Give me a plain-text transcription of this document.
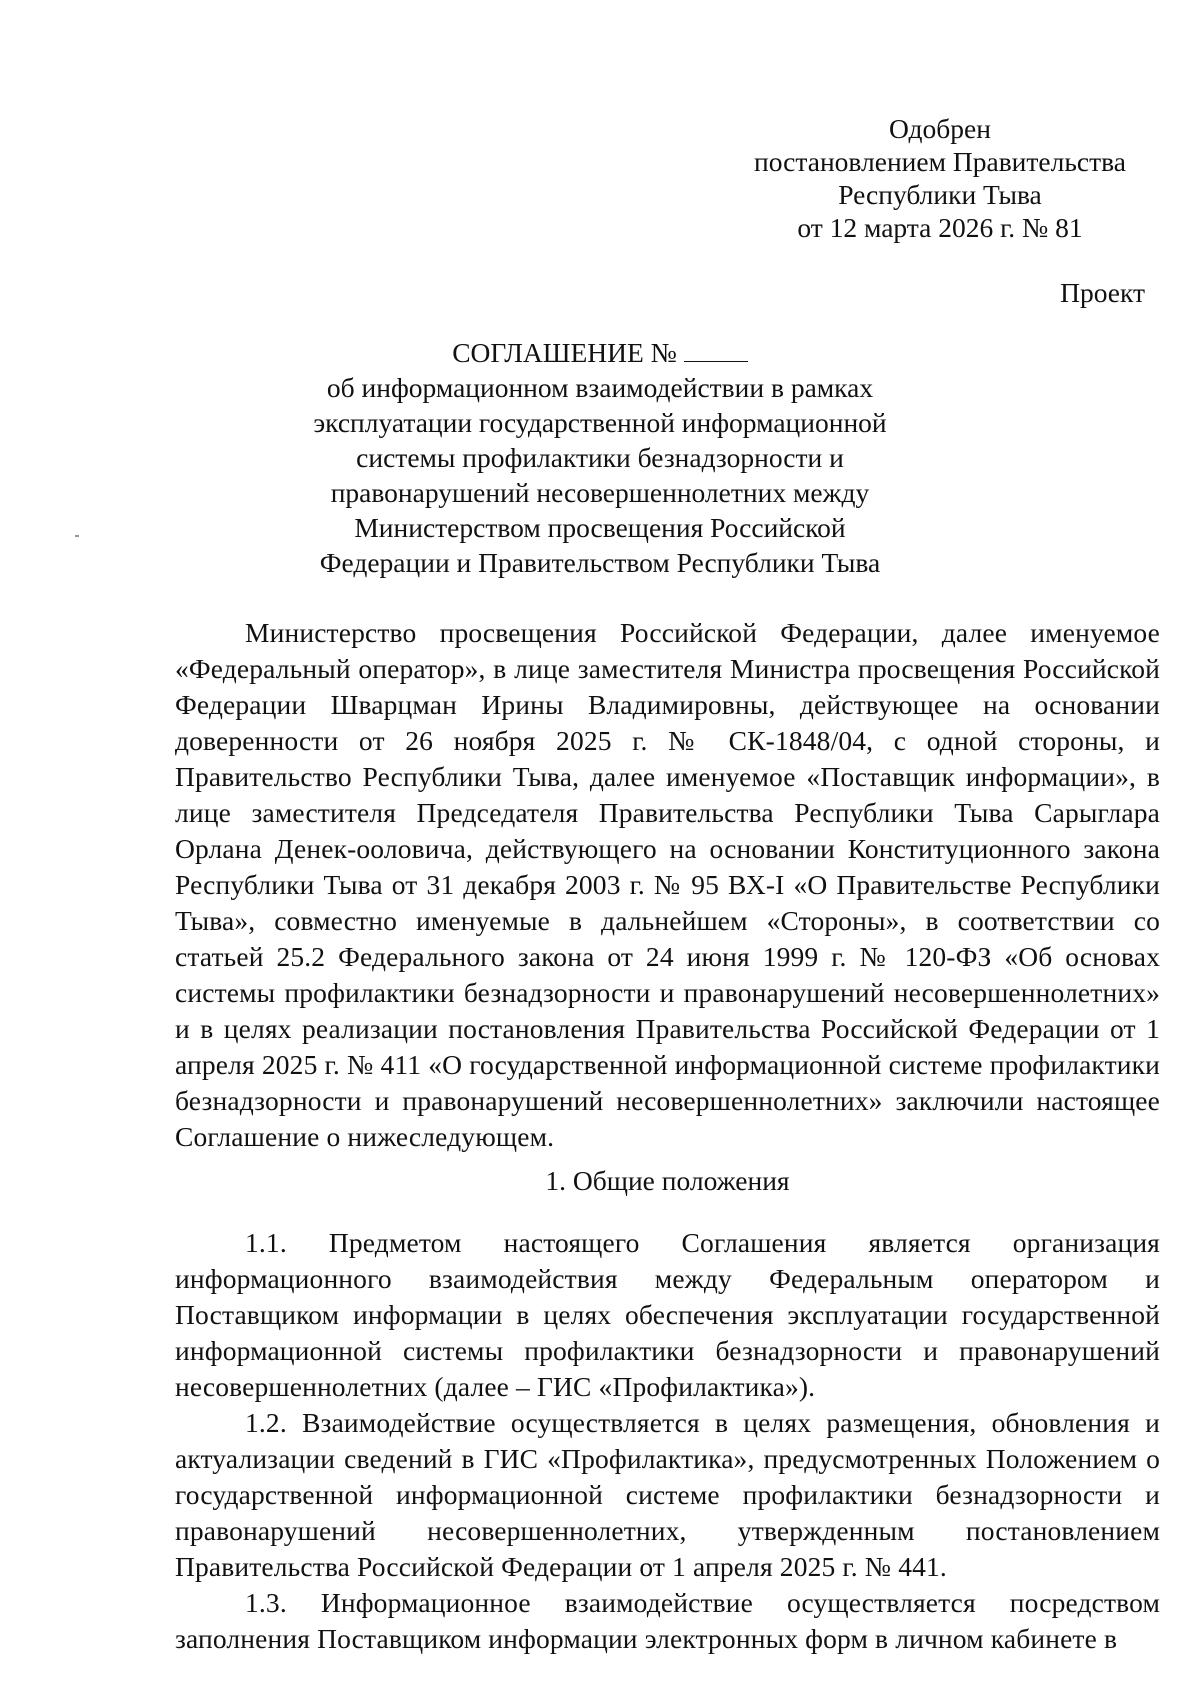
Одобрен
постановлением Правительства
Республики Тыва
от 12 марта 2026 г. № 81
Проект
СОГЛАШЕНИЕ №
об информационном взаимодействии в рамках
эксплуатации государственной информационной
системы профилактики безнадзорности и
правонарушений несовершеннолетних между
Министерством просвещения Российской
Федерации и Правительством Республики Тыва

Министерство просвещения Российской Федерации, далее именуемое «Федеральный оператор», в лице заместителя Министра просвещения Российской Федерации Шварцман Ирины Владимировны, действующее на основании доверенности от 26 ноября 2025 г. № СК-1848/04, с одной стороны, и Правительство Республики Тыва, далее именуемое «Поставщик информации», в лице заместителя Председателя Правительства Республики Тыва Сарыглара Орлана Денек-ооловича, действующего на основании Конституционного закона Республики Тыва от 31 декабря 2003 г. № 95 ВХ-I «О Правительстве Республики Тыва», совместно именуемые в дальнейшем «Стороны», в соответствии со статьей 25.2 Федерального закона от 24 июня 1999 г. № 120-ФЗ «Об основах системы профилактики безнадзорности и правонарушений несовершеннолетних» и в целях реализации постановления Правительства Российской Федерации от 1 апреля 2025 г. № 411 «О государственной информационной системе профилактики безнадзорности и правонарушений несовершеннолетних» заключили настоящее Соглашение о нижеследующем.

1. Общие положения

1.1. Предметом настоящего Соглашения является организация информационного взаимодействия между Федеральным оператором и Поставщиком информации в целях обеспечения эксплуатации государственной информационной системы профилактики безнадзорности и правонарушений несовершеннолетних (далее – ГИС «Профилактика»).

1.2. Взаимодействие осуществляется в целях размещения, обновления и актуализации сведений в ГИС «Профилактика», предусмотренных Положением о государственной информационной системе профилактики безнадзорности и правонарушений несовершеннолетних, утвержденным постановлением Правительства Российской Федерации от 1 апреля 2025 г. № 441.

1.3. Информационное взаимодействие осуществляется посредством заполнения Поставщиком информации электронных форм в личном кабинете в
